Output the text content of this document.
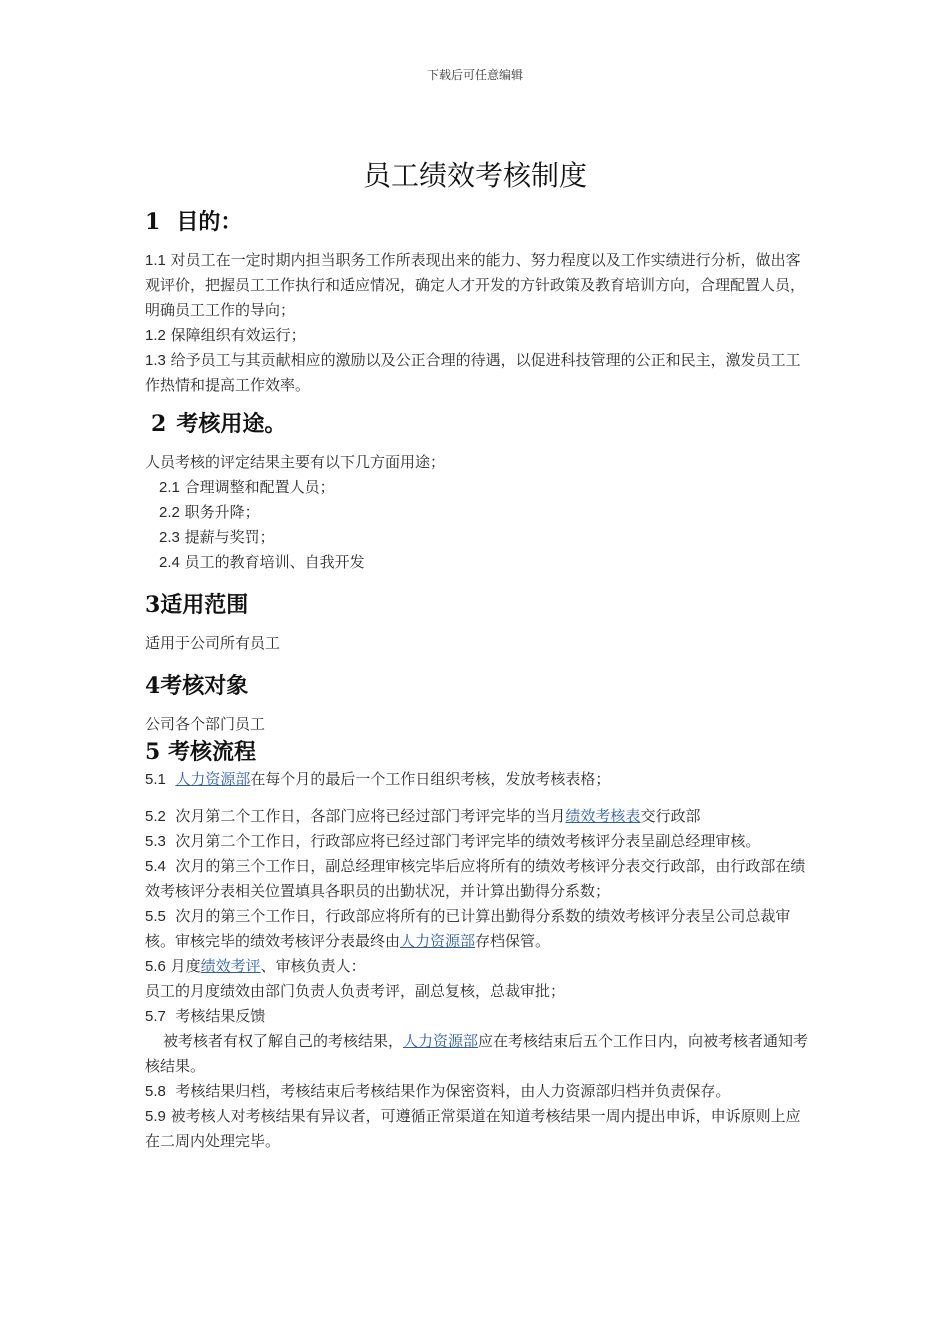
下载后可任意编辑
员工绩效考核制度
1 目的：

1.1 对员工在一定时期内担当职务工作所表现出来的能力、努力程度以及工作实绩进行分析，做出客观评价，把握员工工作执行和适应情况，确定人才开发的方针政策及教育培训方向，合理配置人员，明确员工工作的导向；

1.2 保障组织有效运行；

1.3 给予员工与其贡献相应的激励以及公正合理的待遇，以促进科技管理的公正和民主，激发员工工作热情和提高工作效率。

2 考核用途。

人员考核的评定结果主要有以下几方面用途；

2.1 合理调整和配置人员；

2.2 职务升降；

2.3 提薪与奖罚；

2.4 员工的教育培训、自我开发

3适用范围

适用于公司所有员工

4考核对象

公司各个部门员工

5 考核流程

5.1 人力资源部在每个月的最后一个工作日组织考核，发放考核表格；

5.2 次月第二个工作日，各部门应将已经过部门考评完毕的当月绩效考核表交行政部

5.3 次月第二个工作日，行政部应将已经过部门考评完毕的绩效考核评分表呈副总经理审核。

5.4 次月的第三个工作日，副总经理审核完毕后应将所有的绩效考核评分表交行政部，由行政部在绩效考核评分表相关位置填具各职员的出勤状况，并计算出勤得分系数；

5.5 次月的第三个工作日，行政部应将所有的已计算出勤得分系数的绩效考核评分表呈公司总裁审核。审核完毕的绩效考核评分表最终由人力资源部存档保管。

5.6 月度绩效考评、审核负责人：

员工的月度绩效由部门负责人负责考评，副总复核，总裁审批；

5.7 考核结果反馈

被考核者有权了解自己的考核结果，人力资源部应在考核结束后五个工作日内，向被考核者通知考核结果。

5.8 考核结果归档，考核结束后考核结果作为保密资料，由人力资源部归档并负责保存。

5.9 被考核人对考核结果有异议者，可遵循正常渠道在知道考核结果一周内提出申诉，申诉原则上应在二周内处理完毕。
